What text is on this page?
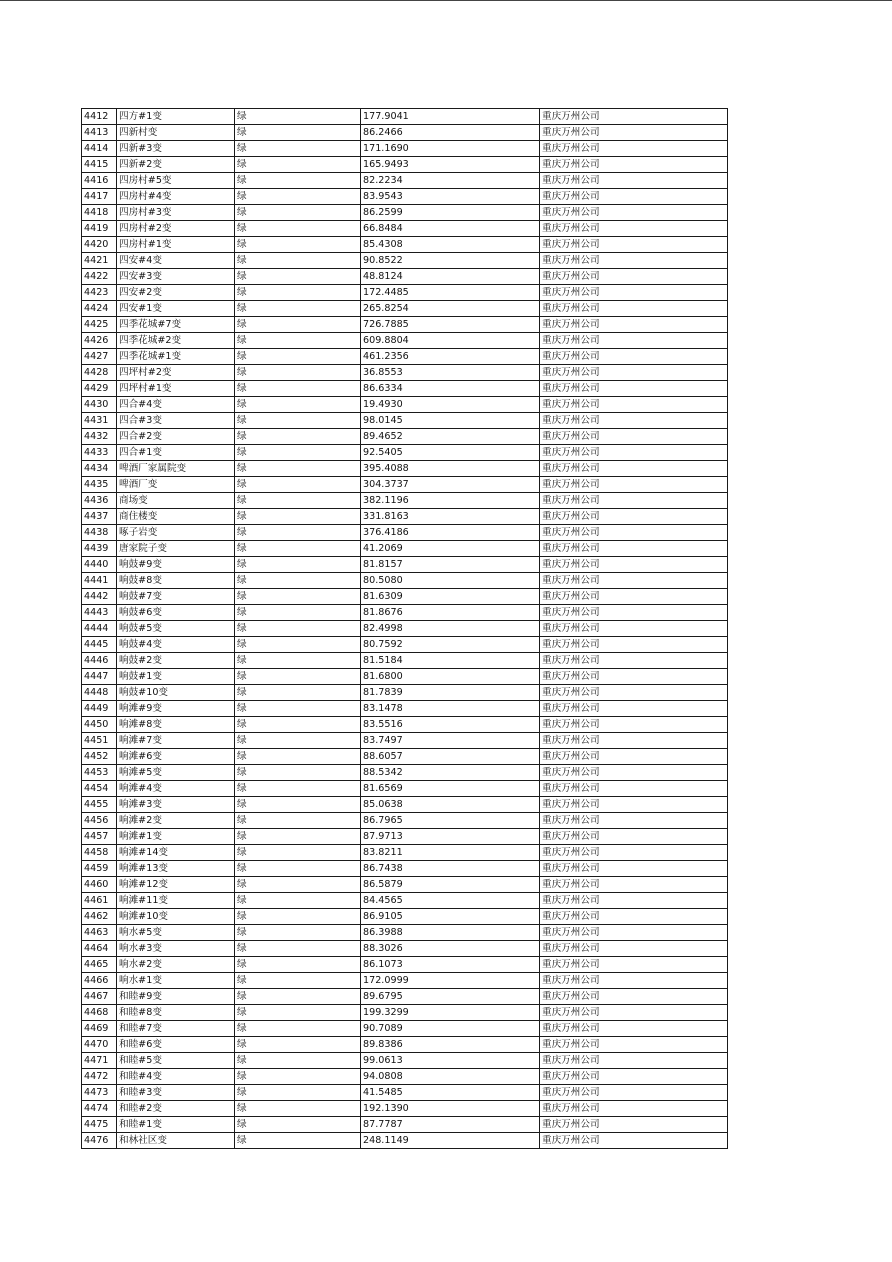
4412	四方#1变	绿	177.9041	重庆万州公司
4413	四新村变	绿	86.2466	重庆万州公司
4414	四新#3变	绿	171.1690	重庆万州公司
4415	四新#2变	绿	165.9493	重庆万州公司
4416	四房村#5变	绿	82.2234	重庆万州公司
4417	四房村#4变	绿	83.9543	重庆万州公司
4418	四房村#3变	绿	86.2599	重庆万州公司
4419	四房村#2变	绿	66.8484	重庆万州公司
4420	四房村#1变	绿	85.4308	重庆万州公司
4421	四安#4变	绿	90.8522	重庆万州公司
4422	四安#3变	绿	48.8124	重庆万州公司
4423	四安#2变	绿	172.4485	重庆万州公司
4424	四安#1变	绿	265.8254	重庆万州公司
4425	四季花城#7变	绿	726.7885	重庆万州公司
4426	四季花城#2变	绿	609.8804	重庆万州公司
4427	四季花城#1变	绿	461.2356	重庆万州公司
4428	四坪村#2变	绿	36.8553	重庆万州公司
4429	四坪村#1变	绿	86.6334	重庆万州公司
4430	四合#4变	绿	19.4930	重庆万州公司
4431	四合#3变	绿	98.0145	重庆万州公司
4432	四合#2变	绿	89.4652	重庆万州公司
4433	四合#1变	绿	92.5405	重庆万州公司
4434	啤酒厂家属院变	绿	395.4088	重庆万州公司
4435	啤酒厂变	绿	304.3737	重庆万州公司
4436	商场变	绿	382.1196	重庆万州公司
4437	商住楼变	绿	331.8163	重庆万州公司
4438	啄子岩变	绿	376.4186	重庆万州公司
4439	唐家院子变	绿	41.2069	重庆万州公司
4440	响鼓#9变	绿	81.8157	重庆万州公司
4441	响鼓#8变	绿	80.5080	重庆万州公司
4442	响鼓#7变	绿	81.6309	重庆万州公司
4443	响鼓#6变	绿	81.8676	重庆万州公司
4444	响鼓#5变	绿	82.4998	重庆万州公司
4445	响鼓#4变	绿	80.7592	重庆万州公司
4446	响鼓#2变	绿	81.5184	重庆万州公司
4447	响鼓#1变	绿	81.6800	重庆万州公司
4448	响鼓#10变	绿	81.7839	重庆万州公司
4449	响滩#9变	绿	83.1478	重庆万州公司
4450	响滩#8变	绿	83.5516	重庆万州公司
4451	响滩#7变	绿	83.7497	重庆万州公司
4452	响滩#6变	绿	88.6057	重庆万州公司
4453	响滩#5变	绿	88.5342	重庆万州公司
4454	响滩#4变	绿	81.6569	重庆万州公司
4455	响滩#3变	绿	85.0638	重庆万州公司
4456	响滩#2变	绿	86.7965	重庆万州公司
4457	响滩#1变	绿	87.9713	重庆万州公司
4458	响滩#14变	绿	83.8211	重庆万州公司
4459	响滩#13变	绿	86.7438	重庆万州公司
4460	响滩#12变	绿	86.5879	重庆万州公司
4461	响滩#11变	绿	84.4565	重庆万州公司
4462	响滩#10变	绿	86.9105	重庆万州公司
4463	响水#5变	绿	86.3988	重庆万州公司
4464	响水#3变	绿	88.3026	重庆万州公司
4465	响水#2变	绿	86.1073	重庆万州公司
4466	响水#1变	绿	172.0999	重庆万州公司
4467	和睦#9变	绿	89.6795	重庆万州公司
4468	和睦#8变	绿	199.3299	重庆万州公司
4469	和睦#7变	绿	90.7089	重庆万州公司
4470	和睦#6变	绿	89.8386	重庆万州公司
4471	和睦#5变	绿	99.0613	重庆万州公司
4472	和睦#4变	绿	94.0808	重庆万州公司
4473	和睦#3变	绿	41.5485	重庆万州公司
4474	和睦#2变	绿	192.1390	重庆万州公司
4475	和睦#1变	绿	87.7787	重庆万州公司
4476	和林社区变	绿	248.1149	重庆万州公司
